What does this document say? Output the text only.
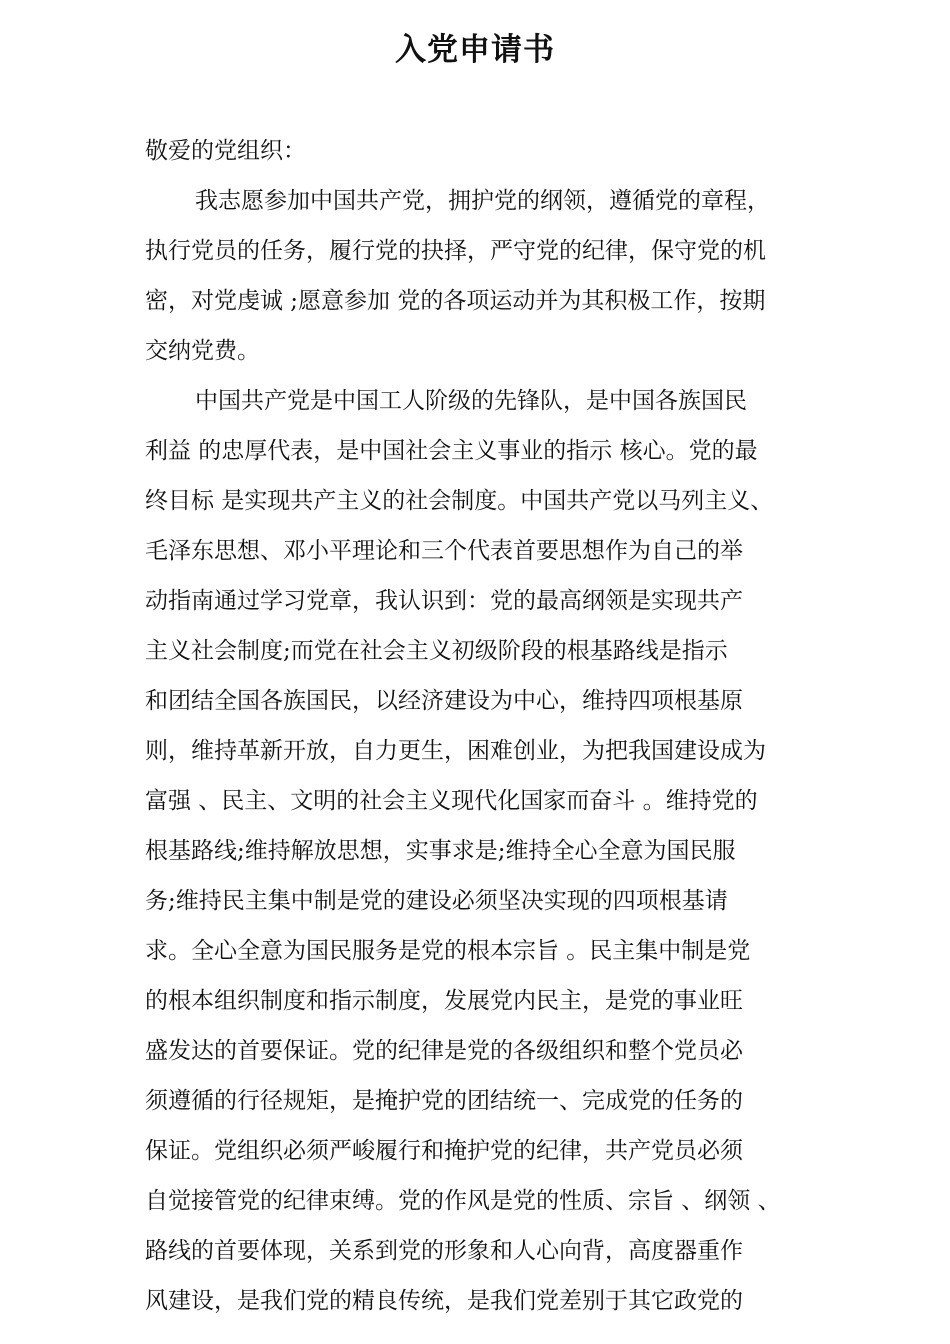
入党申请书
敬爱的党组织：
我志愿参加中国共产党，拥护党的纲领，遵循党的章程，
执行党员的任务，履行党的抉择，严守党的纪律，保守党的机
密，对党虔诚 ;愿意参加 党的各项运动并为其积极工作，按期
交纳党费。
中国共产党是中国工人阶级的先锋队，是中国各族国民
利益 的忠厚代表，是中国社会主义事业的指示 核心。党的最
终目标 是实现共产主义的社会制度。中国共产党以马列主义、
毛泽东思想、邓小平理论和三个代表首要思想作为自己的举
动指南通过学习党章，我认识到：党的最高纲领是实现共产
主义社会制度;而党在社会主义初级阶段的根基路线是指示
和团结全国各族国民，以经济建设为中心，维持四项根基原
则，维持革新开放，自力更生，困难创业，为把我国建设成为
富强 、民主、文明的社会主义现代化国家而奋斗 。维持党的
根基路线;维持解放思想，实事求是;维持全心全意为国民服
务;维持民主集中制是党的建设必须坚决实现的四项根基请
求。全心全意为国民服务是党的根本宗旨 。民主集中制是党
的根本组织制度和指示制度，发展党内民主，是党的事业旺
盛发达的首要保证。党的纪律是党的各级组织和整个党员必
须遵循的行径规矩，是掩护党的团结统一、完成党的任务的
保证。党组织必须严峻履行和掩护党的纪律，共产党员必须
自觉接管党的纪律束缚。党的作风是党的性质、宗旨 、纲领 、
路线的首要体现，关系到党的形象和人心向背，高度器重作
风建设，是我们党的精良传统，是我们党差别于其它政党的
